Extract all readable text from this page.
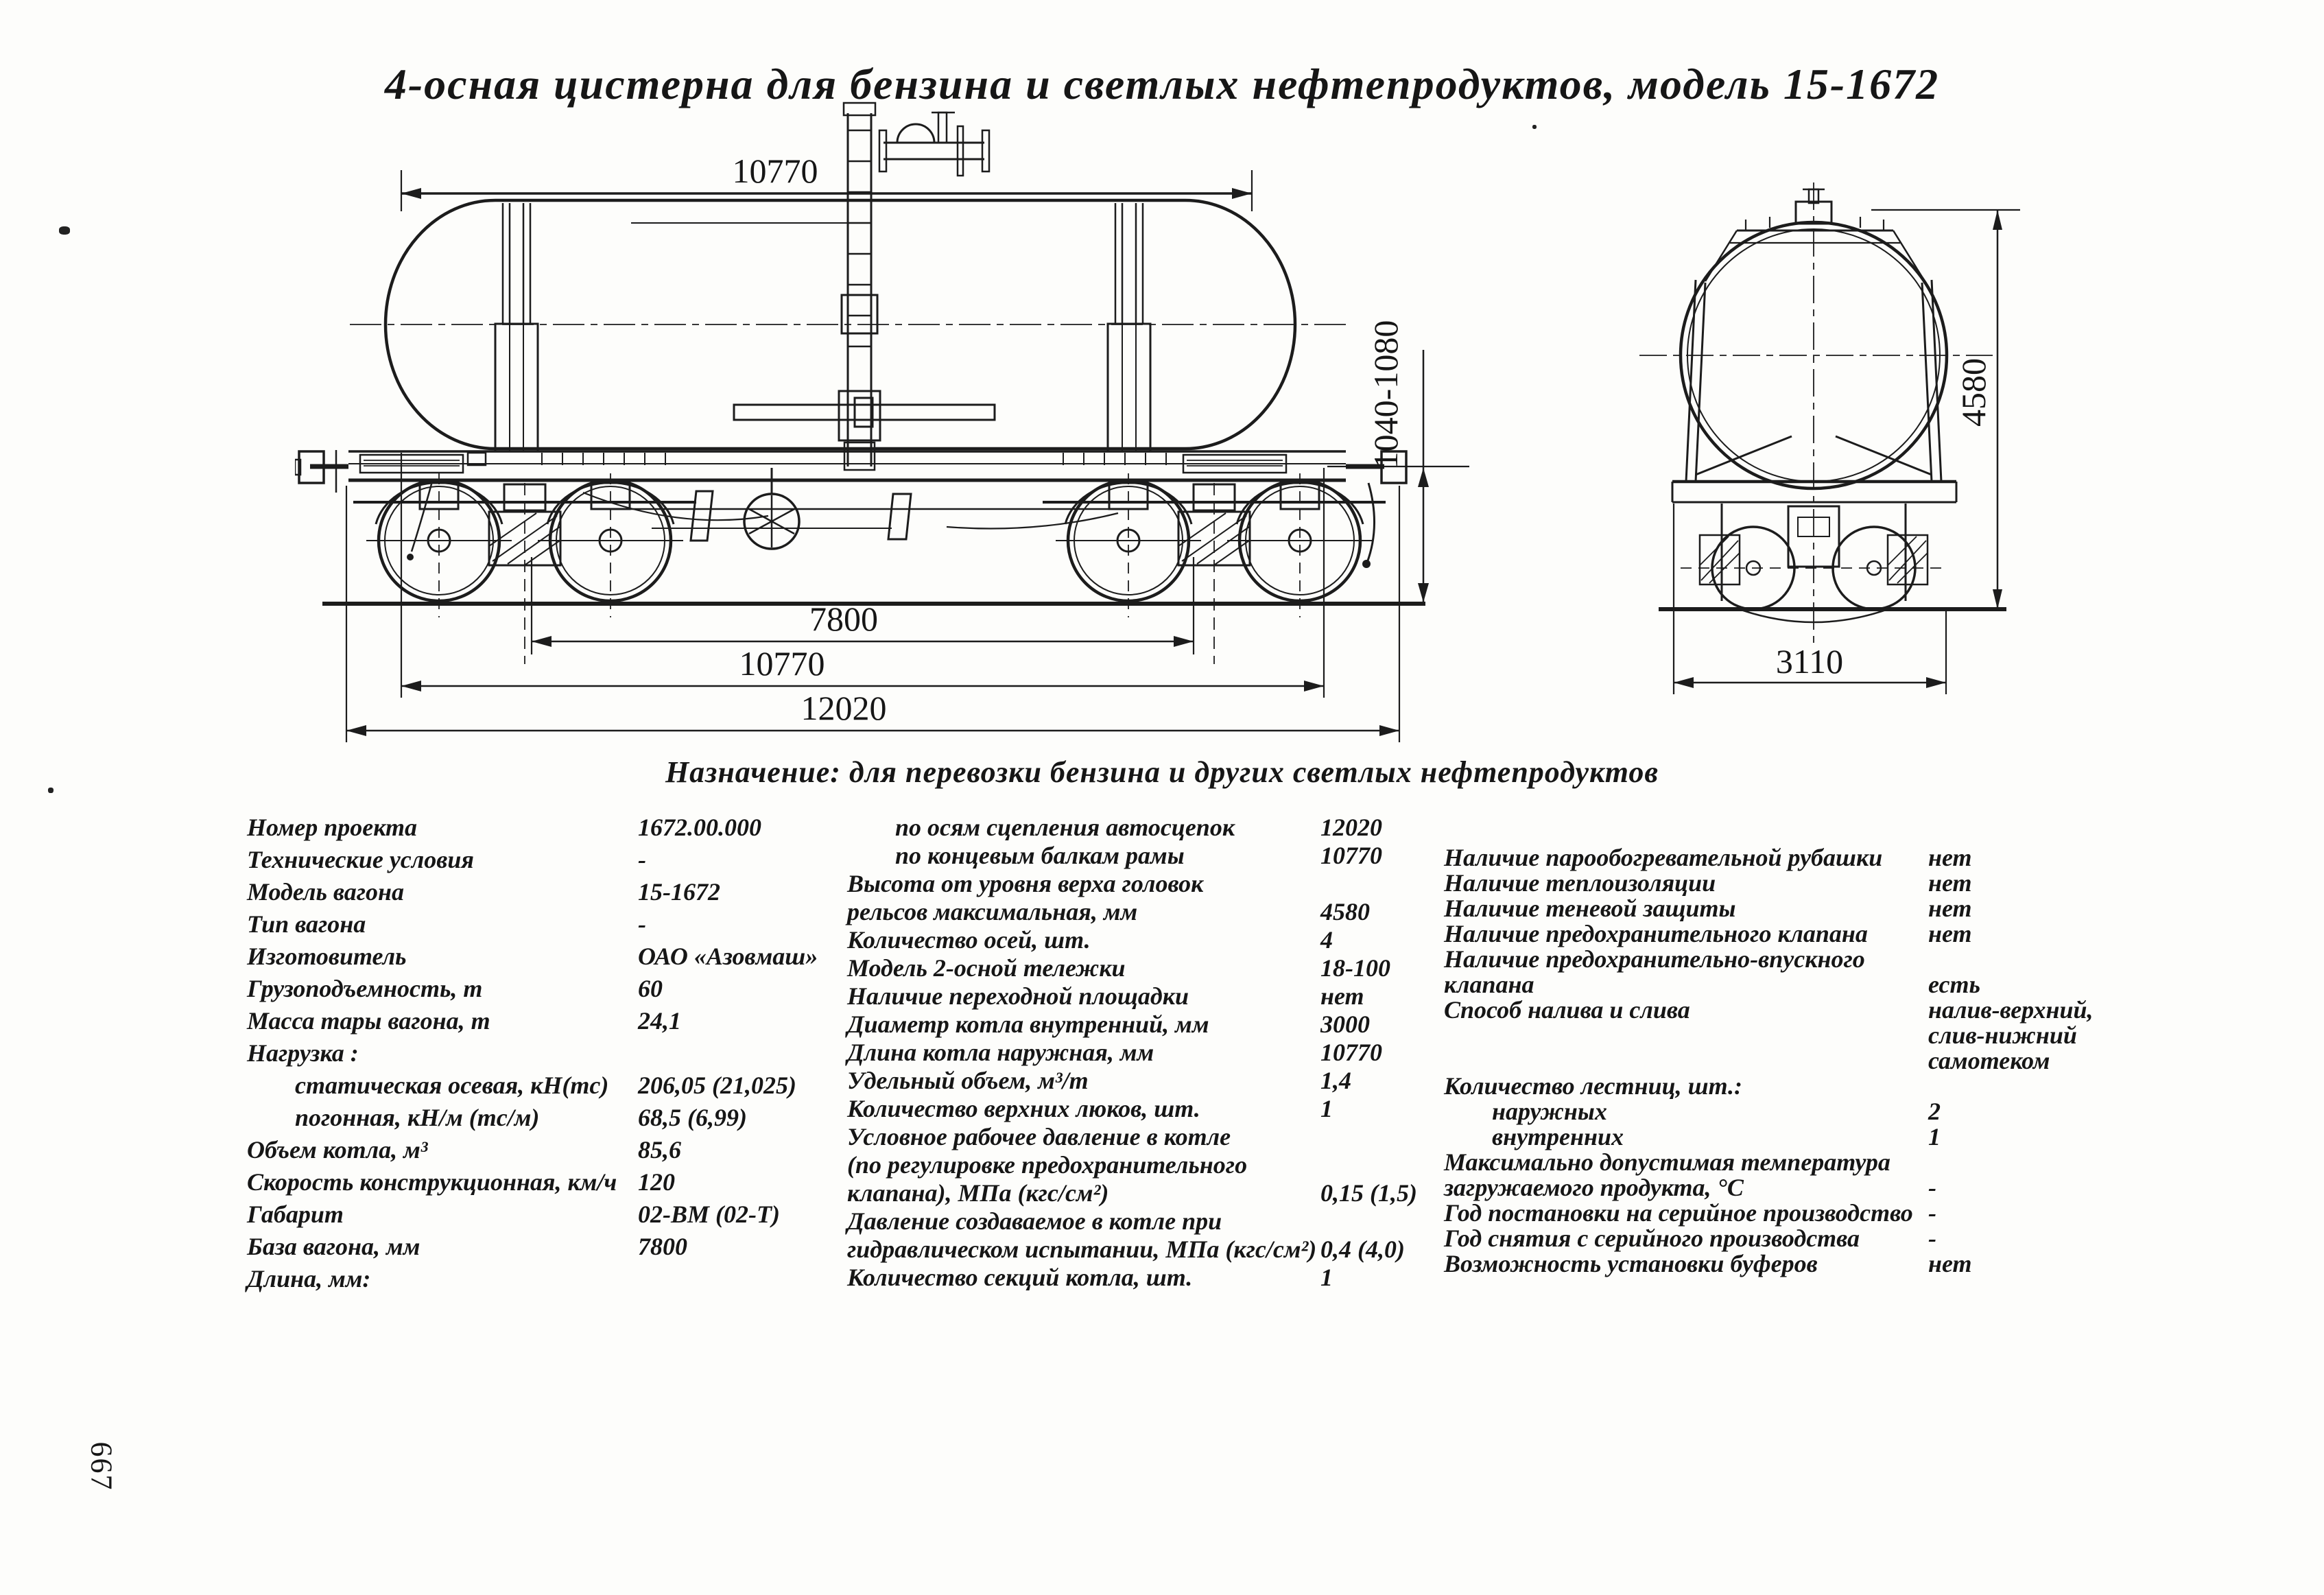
4-осная цистерна для бензина и светлых нефтепродуктов, модель 15-1672
10770
7800
10770
12020
1040-1080	4580
3110
Назначение: для перевозки бензина и других светлых нефтепродуктов
Номер проекта	1672.00.000
Технические условия	-
Модель вагона	15-1672
Тип вагона	-
Изготовитель	ОАО «Азовмаш»
Грузоподъемность, т	60
Масса тары вагона, т	24,1
Нагрузка :
статическая осевая, кН(тс) 206,05 (21,025)
погонная, кН/м (тс/м)	68,5 (6,99)
Объем котла, м³	85,6
Скорость конструкционная, км/ч 120
Габарит	02-ВМ (02-Т)
База вагона, мм	7800
Длина, мм:
по осям сцепления автосцепок	12020
по концевым балкам рамы	10770
Высота от уровня верха головок
рельсов максимальная, мм	4580
Количество осей, шт.	4
Модель 2-осной тележки	18-100
Наличие переходной площадки	нет
Диаметр котла внутренний, мм	3000
Длина котла наружная, мм	10770
Удельный объем, м³/т	1,4
Количество верхних люков, шт.	1
Условное рабочее давление в котле
(по регулировке предохранительного
клапана), МПа (кгс/см²)	0,15 (1,5)
Давление создаваемое в котле при
гидравлическом испытании, МПа (кгс/см²) 0,4 (4,0)
Количество секций котла, шт.	1
Наличие парообогревательной рубашки нет
Наличие теплоизоляции	нет
Наличие теневой защиты	нет
Наличие предохранительного клапана нет
Наличие предохранительно-впускного
клапана	есть
Способ налива и слива	налив-верхний,
слив-нижний
самотеком
Количество лестниц, шт.:
наружных	2
внутренних	1
Максимально допустимая температура
загружаемого продукта, °С	-
Год постановки на серийное производство -
Год снятия с серийного производства	-
Возможность установки буферов	нет
667
